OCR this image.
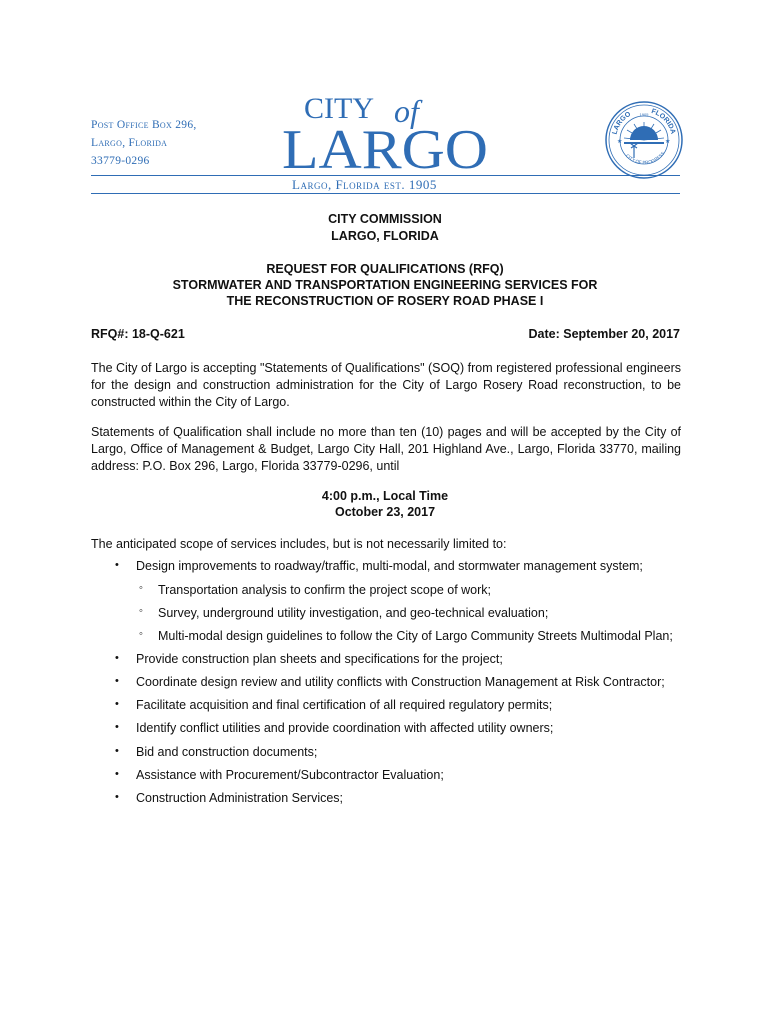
Post Office Box 296,
Largo, Florida
33779-0296
CITY of
LARGO
Largo, Florida est. 1905
LARGO	FLORIDA
1905
CITY OF PROGRESS
★	★
CITY COMMISSION
LARGO, FLORIDA
REQUEST FOR QUALIFICATIONS (RFQ)
STORMWATER AND TRANSPORTATION ENGINEERING SERVICES FOR
THE RECONSTRUCTION OF ROSERY ROAD PHASE I
RFQ#: 18-Q-621	Date: September 20, 2017
The City of Largo is accepting "Statements of Qualifications" (SOQ) from registered professional engineers for the design and construction administration for the City of Largo Rosery Road reconstruction, to be constructed within the City of Largo.
Statements of Qualification shall include no more than ten (10) pages and will be accepted by the City of Largo, Office of Management & Budget, Largo City Hall, 201 Highland Ave., Largo, Florida 33770, mailing address: P.O. Box 296, Largo, Florida 33779-0296, until
4:00 p.m., Local Time
October 23, 2017
The anticipated scope of services includes, but is not necessarily limited to:
• Design improvements to roadway/traffic, multi-modal, and stormwater management system;
◦ Transportation analysis to confirm the project scope of work;
◦ Survey, underground utility investigation, and geo-technical evaluation;
◦ Multi-modal design guidelines to follow the City of Largo Community Streets Multimodal Plan;
• Provide construction plan sheets and specifications for the project;
• Coordinate design review and utility conflicts with Construction Management at Risk Contractor;
• Facilitate acquisition and final certification of all required regulatory permits;
• Identify conflict utilities and provide coordination with affected utility owners;
• Bid and construction documents;
• Assistance with Procurement/Subcontractor Evaluation;
• Construction Administration Services;
